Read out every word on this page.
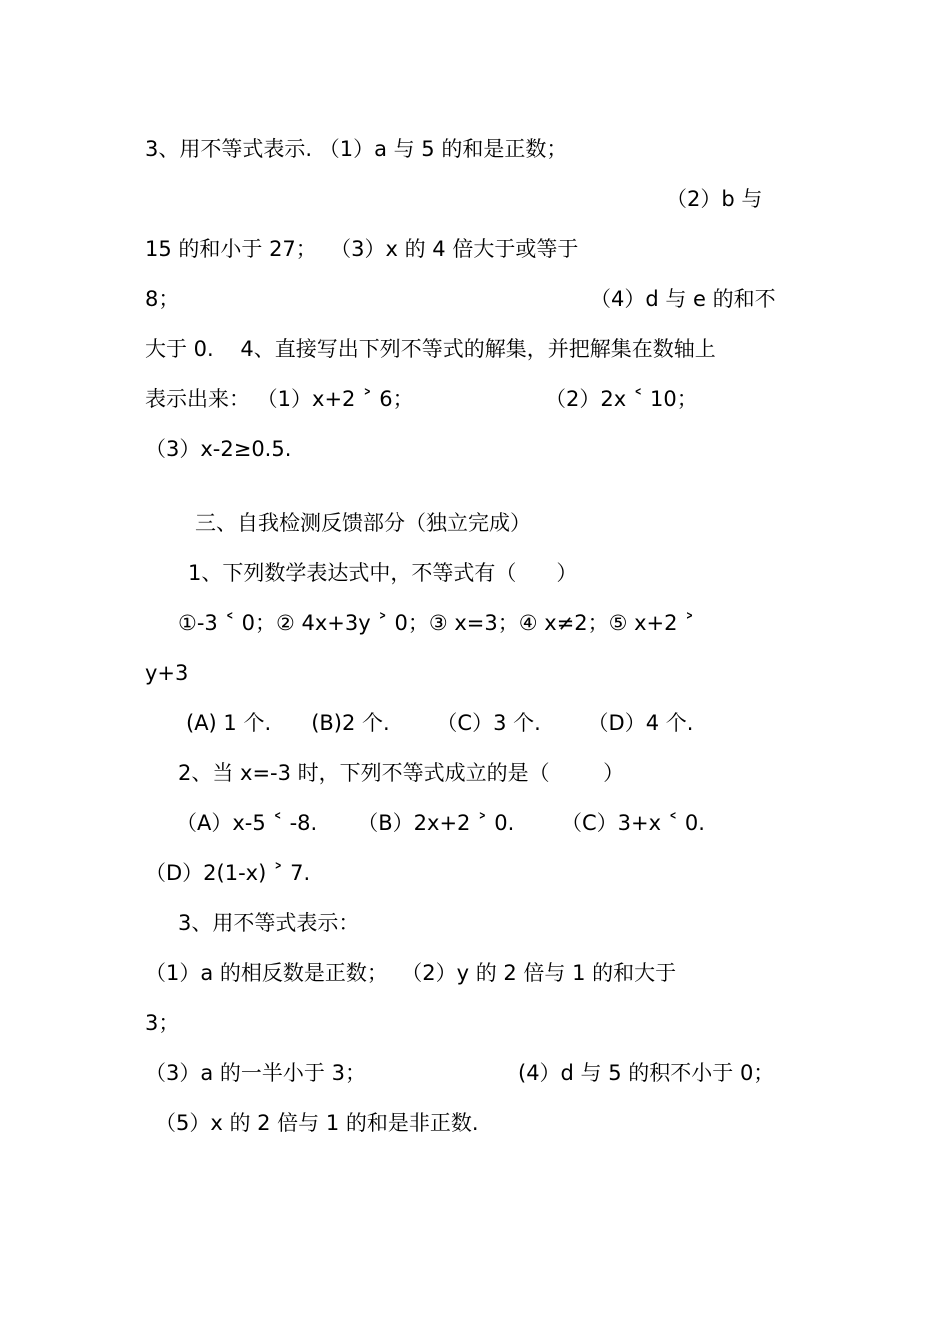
3、用不等式表示. （1）a 与 5 的和是正数；
（2）b 与
15 的和小于 27；  （3）x 的 4 倍大于或等于
8；	（4）d 与 e 的和不
大于 0.    4、直接写出下列不等式的解集，并把解集在数轴上
表示出来： （1）x+2 ˃ 6；	（2）2x ˂ 10；
（3）x-2≥0.5.
三、自我检测反馈部分（独立完成）
1、下列数学表达式中，不等式有（      ）
①-3 ˂ 0；② 4x+3y ˃ 0；③ x=3；④ x≠2；⑤ x+2 ˃
y+3
(A) 1 个.      (B)2 个.       （C）3 个.       （D）4 个.
2、当 x=-3 时，下列不等式成立的是（        ）
（A）x-5 ˂ -8.      （B）2x+2 ˃ 0.       （C）3+x ˂ 0.
（D）2(1-x) ˃ 7.
3、用不等式表示：
（1）a 的相反数是正数；  （2）y 的 2 倍与 1 的和大于
3；
（3）a 的一半小于 3；	(4）d 与 5 的积不小于 0；
（5）x 的 2 倍与 1 的和是非正数.
